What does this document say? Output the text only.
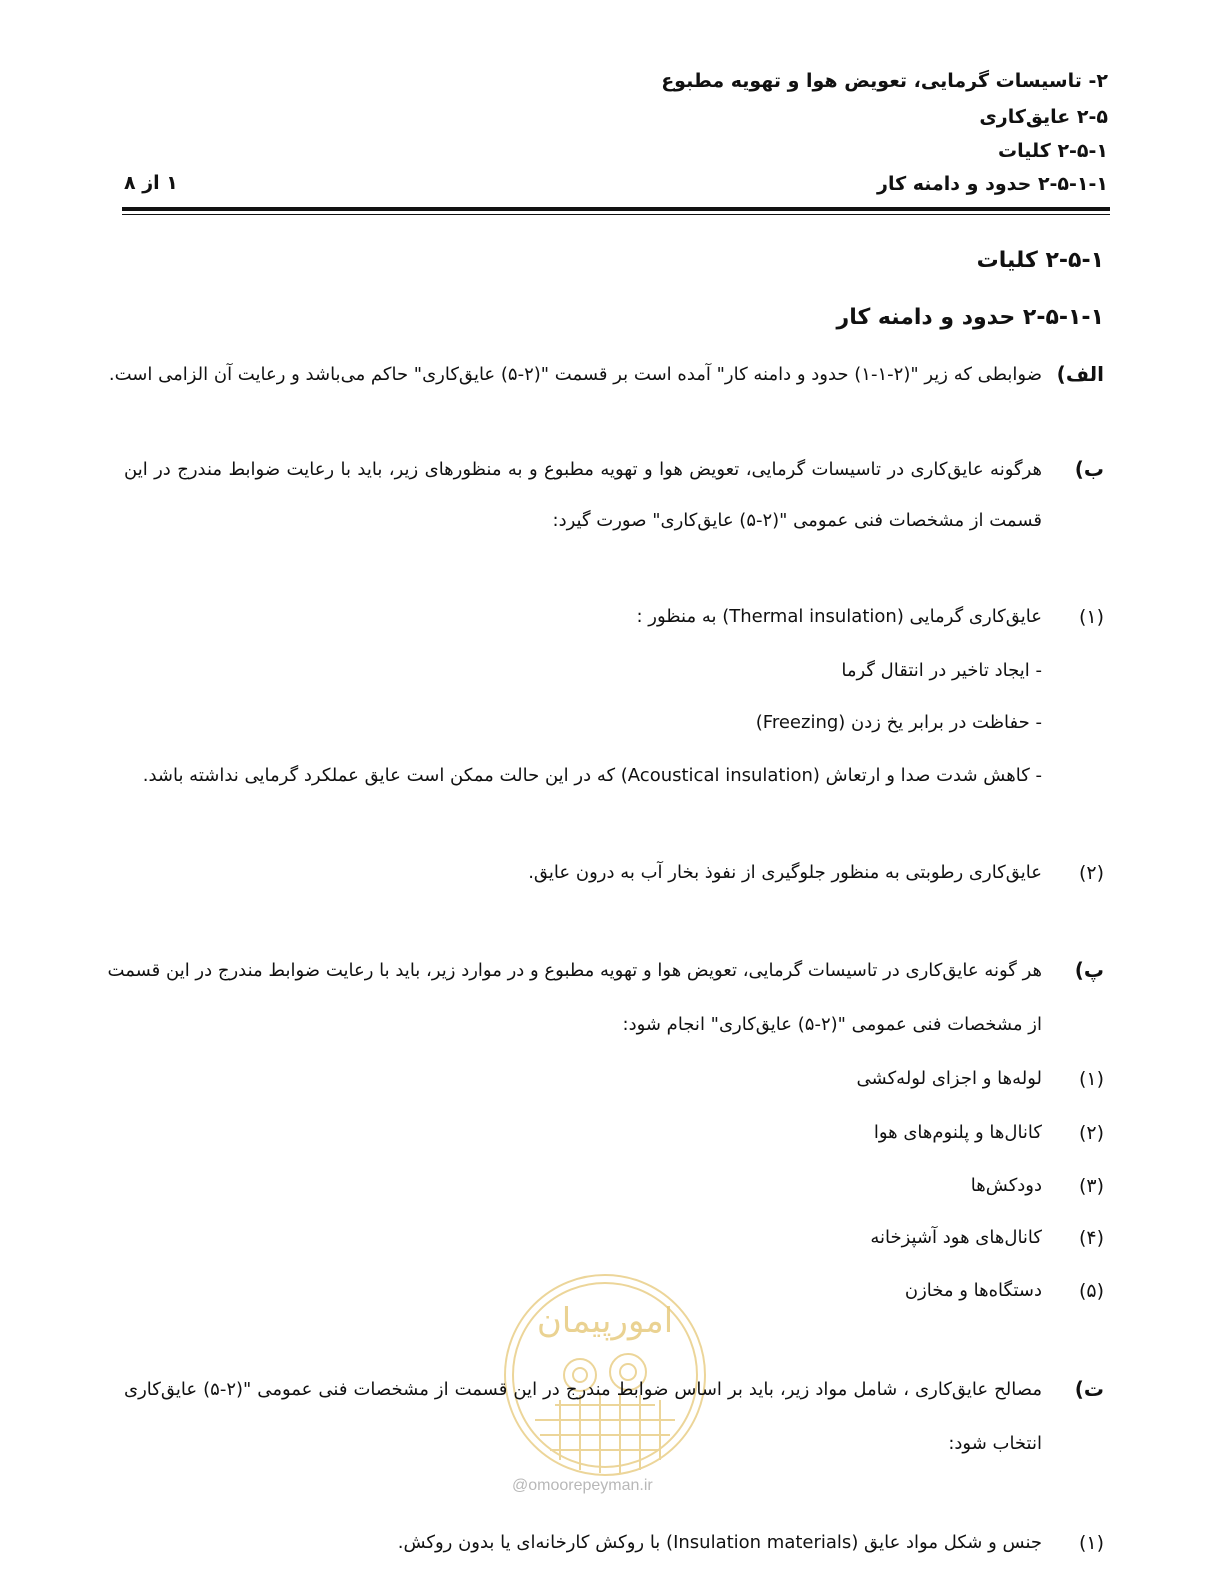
۲- تاسیسات گرمایی، تعویض هوا و تهویه مطبوع
۲-۵ عایق‌کاری
۲-۵-۱ کلیات
۲-۵-۱-۱ حدود و دامنه کار
۱ از ۸
۲-۵-۱ کلیات
۲-۵-۱-۱ حدود و دامنه کار
الف)
ضوابطی که زیر "(۲-۱-۱) حدود و دامنه کار" آمده است بر قسمت "(۲-۵) عایق‌کاری" حاکم می‌باشد و رعایت آن الزامی است.
ب)
هرگونه عایق‌کاری در تاسیسات گرمایی، تعویض هوا و تهویه مطبوع و به منظورهای زیر، باید با رعایت ضوابط مندرج در این
قسمت از مشخصات فنی عمومی "(۲-۵) عایق‌کاری" صورت گیرد:
(۱)
عایق‌کاری گرمایی (Thermal insulation) به منظور :
- ایجاد تاخیر در انتقال گرما
- حفاظت در برابر یخ زدن (Freezing)
- کاهش شدت صدا و ارتعاش (Acoustical insulation) که در این حالت ممکن است عایق عملکرد گرمایی نداشته باشد.
(۲)
عایق‌کاری رطوبتی به منظور جلوگیری از نفوذ بخار آب به درون عایق.
پ)
هر گونه عایق‌کاری در تاسیسات گرمایی، تعویض هوا و تهویه مطبوع و در موارد زیر، باید با رعایت ضوابط مندرج در این قسمت
از مشخصات فنی عمومی "(۲-۵) عایق‌کاری" انجام شود:
(۱)
لوله‌ها و اجزای لوله‌کشی
(۲)
کانال‌ها و پلنوم‌های هوا
(۳)
دودکش‌ها
(۴)
کانال‌های هود آشپزخانه
(۵)
دستگاه‌ها و مخازن
امورپیمان
ت)
مصالح عایق‌کاری ، شامل مواد زیر، باید بر اساس ضوابط مندرج در این قسمت از مشخصات فنی عمومی "(۲-۵) عایق‌کاری
انتخاب شود:
@omoorepeyman.ir
(۱)
جنس و شکل مواد عایق (Insulation materials) با روکش کارخانه‌ای یا بدون روکش.
